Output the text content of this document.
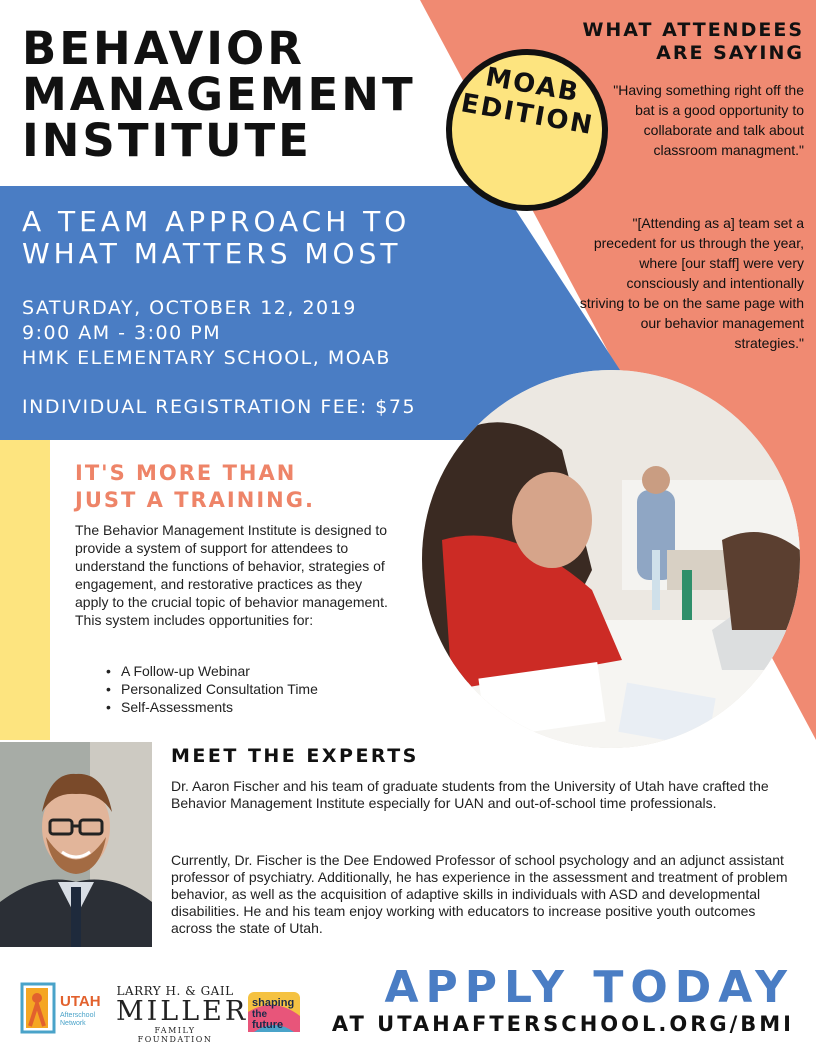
BEHAVIOR
MANAGEMENT
INSTITUTE
MOAB
EDITION
WHAT ATTENDEES
ARE SAYING
"Having something right off the bat is a good opportunity to collaborate and talk about classroom managment."
"[Attending as a] team set a precedent for us through the year, where [our staff] were very consciously and intentionally striving to be on the same page with our behavior management strategies."
A TEAM APPROACH TO
WHAT MATTERS MOST
SATURDAY, OCTOBER 12, 2019
9:00 AM - 3:00 PM
HMK ELEMENTARY SCHOOL, MOAB
INDIVIDUAL REGISTRATION FEE: $75
IT'S MORE THAN
JUST A TRAINING.
The Behavior Management Institute is designed to provide a system of support for attendees to understand the functions of behavior, strategies of engagement, and restorative practices as they apply to the crucial topic of behavior management. This system includes opportunities for:
• A Follow-up Webinar
• Personalized Consultation Time
• Self-Assessments
MEET THE EXPERTS
Dr. Aaron Fischer and his team of graduate students from the University of Utah have crafted the Behavior Management Institute especially for UAN and out-of-school time professionals.
Currently, Dr. Fischer is the Dee Endowed Professor of school psychology and an adjunct assistant professor of psychiatry. Additionally, he has experience in the assessment and treatment of problem behavior, as well as the acquisition of adaptive skills in individuals with ASD and developmental disabilities. He and his team enjoy working with educators to increase positive youth outcomes across the state of Utah.
UTAH
Afterschool
Network
LARRY H. & GAIL
MILLER
FAMILY FOUNDATION
shaping
the
future
APPLY TODAY
AT UTAHAFTERSCHOOL.ORG/BMI
